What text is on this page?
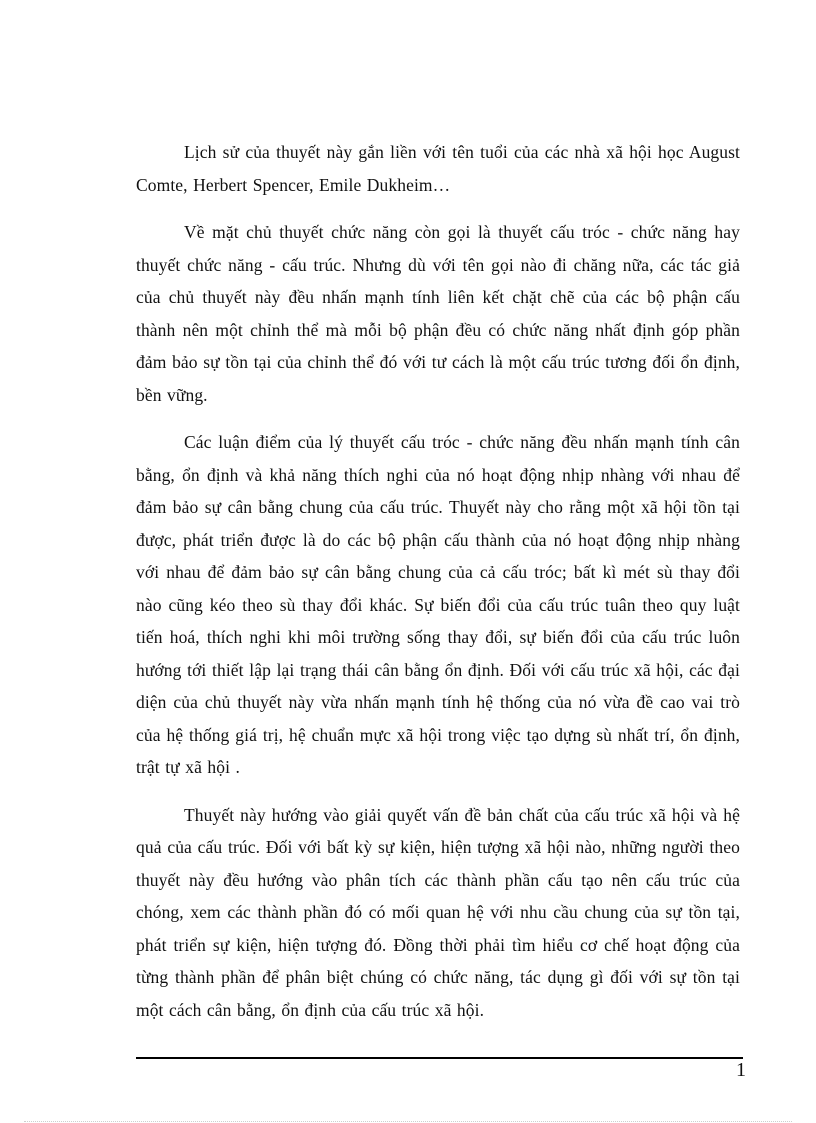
Lịch sử của thuyết này gắn liền với tên tuổi của các nhà xã hội học August Comte, Herbert Spencer, Emile Dukheim…

Về mặt chủ thuyết chức năng còn gọi là thuyết cấu tróc - chức năng hay thuyết chức năng - cấu trúc. Nhưng dù với tên gọi nào đi chăng nữa, các tác giả của chủ thuyết này đều nhấn mạnh tính liên kết chặt chẽ của các bộ phận cấu thành nên một chỉnh thể mà mỗi bộ phận đều có chức năng nhất định góp phần đảm bảo sự tồn tại của chỉnh thể đó với tư cách là một cấu trúc tương đối ổn định, bền vững.

Các luận điểm của lý thuyết cấu tróc - chức năng đều nhấn mạnh tính cân bằng, ổn định và khả năng thích nghi của nó hoạt động nhịp nhàng với nhau để đảm bảo sự cân bằng chung của cấu trúc. Thuyết này cho rằng một xã hội tồn tại được, phát triển được là do các bộ phận cấu thành của nó hoạt động nhịp nhàng với nhau để đảm bảo sự cân bằng chung của cả cấu tróc; bất kì mét sù thay đổi nào cũng kéo theo sù thay đổi khác. Sự biến đổi của cấu trúc tuân theo quy luật tiến hoá, thích nghi khi môi trường sống thay đổi, sự biến đổi của cấu trúc luôn hướng tới thiết lập lại trạng thái cân bằng ổn định. Đối với cấu trúc xã hội, các đại diện của chủ thuyết này vừa nhấn mạnh tính hệ thống của nó vừa đề cao vai trò của hệ thống giá trị, hệ chuẩn mực xã hội trong việc tạo dựng sù nhất trí, ổn định, trật tự xã hội .

Thuyết này hướng vào giải quyết vấn đề bản chất của cấu trúc xã hội và hệ quả của cấu trúc. Đối với bất kỳ sự kiện, hiện tượng xã hội nào, những người theo thuyết này đều hướng vào phân tích các thành phần cấu tạo nên cấu trúc của chóng, xem các thành phần đó có mối quan hệ với nhu cầu chung của sự tồn tại, phát triển sự kiện, hiện tượng đó. Đồng thời phải tìm hiểu cơ chế hoạt động của từng thành phần để phân biệt chúng có chức năng, tác dụng gì đối với sự tồn tại một cách cân bằng, ổn định của cấu trúc xã hội.

1
